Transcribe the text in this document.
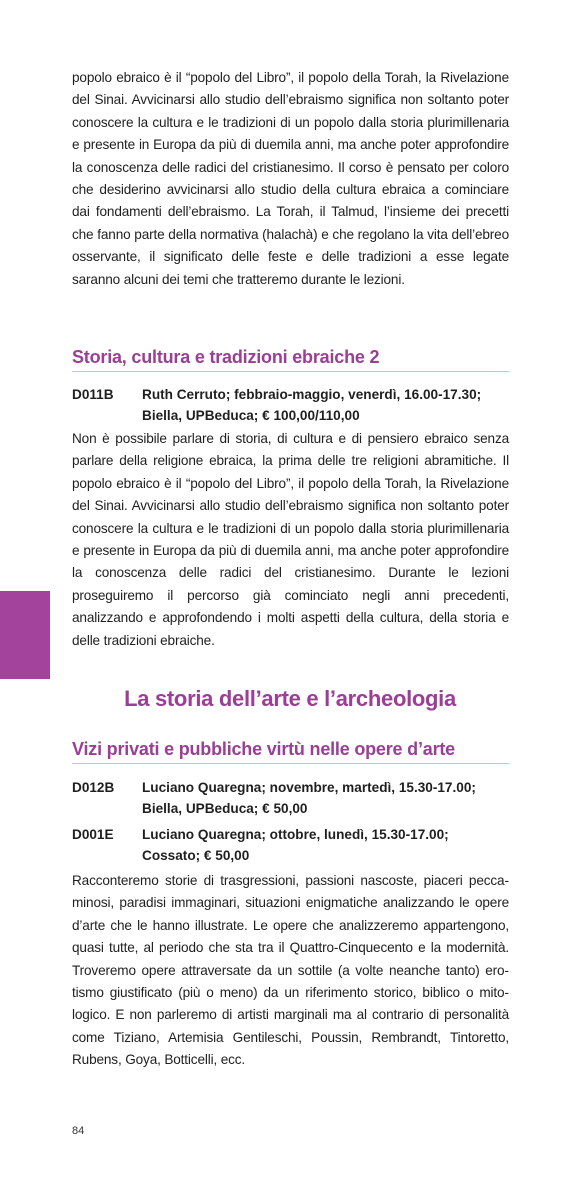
popolo ebraico è il “popolo del Libro”, il popolo della Torah, la Rivelazione del Sinai. Avvicinarsi allo studio dell’ebraismo significa non soltanto poter conoscere la cultura e le tradizioni di un popolo dalla storia plurimillenaria e presente in Europa da più di duemila anni, ma anche poter approfondire la conoscenza delle radici del cristianesimo. Il corso è pensato per coloro che desiderino avvicinarsi allo studio della cultura ebraica a cominciare dai fondamenti dell’ebraismo. La Torah, il Talmud, l’insieme dei precetti che fanno parte della normativa (halachà) e che regolano la vita dell’ebreo osservante, il significato delle feste e delle tradizioni a esse legate saranno alcuni dei temi che tratteremo durante le lezioni.

Storia, cultura e tradizioni ebraiche 2
D011B Ruth Cerruto; febbraio-maggio, venerdì, 16.00-17.30;
Biella, UPBeduca; € 100,00/110,00

Non è possibile parlare di storia, di cultura e di pensiero ebraico senza parlare della religione ebraica, la prima delle tre religioni abramitiche. Il popolo ebraico è il “popolo del Libro”, il popolo della Torah, la Rivelazione del Sinai. Avvicinarsi allo studio dell’ebraismo significa non soltanto poter conoscere la cultura e le tradizioni di un popolo dalla storia plurimillenaria e presente in Europa da più di duemila anni, ma anche poter approfondire la conoscenza delle radici del cristianesimo. Durante le lezioni proseguiremo il percorso già cominciato negli anni precedenti, analizzando e approfondendo i molti aspetti della cultura, della storia e delle tradizioni ebraiche.

La storia dell’arte e l’archeologia
Vizi privati e pubbliche virtù nelle opere d’arte
D012B Luciano Quaregna; novembre, martedì, 15.30-17.00;
Biella, UPBeduca; € 50,00
D001E Luciano Quaregna; ottobre, lunedì, 15.30-17.00;
Cossato; € 50,00

Racconteremo storie di trasgressioni, passioni nascoste, piaceri peccaminosi, paradisi immaginari, situazioni enigmatiche analizzando le opere d’arte che le hanno illustrate. Le opere che analizzeremo appartengono, quasi tutte, al periodo che sta tra il Quattro-Cinquecento e la modernità. Troveremo opere attraversate da un sottile (a volte neanche tanto) erotismo giustificato (più o meno) da un riferimento storico, biblico o mitologico. E non parleremo di artisti marginali ma al contrario di personalità come Tiziano, Artemisia Gentileschi, Poussin, Rembrandt, Tintoretto, Rubens, Goya, Botticelli, ecc.

84
